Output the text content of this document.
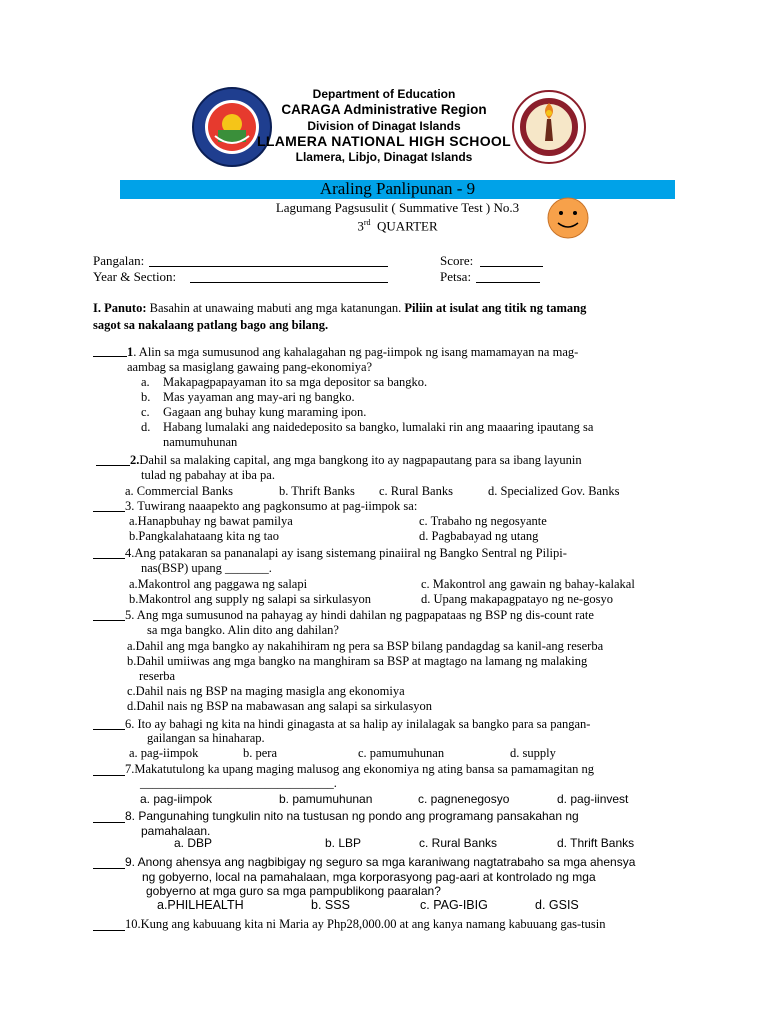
Department of Education
CARAGA Administrative Region
Division of Dinagat Islands
LLAMERA NATIONAL HIGH SCHOOL
Llamera, Libjo, Dinagat Islands
Araling Panlipunan - 9
Lagumang Pagsusulit ( Summative Test ) No.3
3rd QUARTER
Pangalan:	Score:
Year & Section:	Petsa:
I. Panuto: Basahin at unawaing mabuti ang mga katanungan. Piliin at isulat ang titik ng tamang
sagot sa nakalaang patlang bago ang bilang.
1. Alin sa mga sumusunod ang kahalagahan ng pag-iimpok ng isang mamamayan na mag-
aambag sa masiglang gawaing pang-ekonomiya?
a. Makapagpapayaman ito sa mga depositor sa bangko.
b. Mas yayaman ang may-ari ng bangko.
c. Gagaan ang buhay kung maraming ipon.
d. Habang lumalaki ang naidedeposito sa bangko, lumalaki rin ang maaaring ipautang sa
namumuhunan
2.Dahil sa malaking capital, ang mga bangkong ito ay nagpapautang para sa ibang layunin
tulad ng pabahay at iba pa.
a. Commercial Banks	b. Thrift Banks c. Rural Banks	d. Specialized Gov. Banks
3. Tuwirang naaapekto ang pagkonsumo at pag-iimpok sa:
a.Hanapbuhay ng bawat pamilya	c. Trabaho ng negosyante
b.Pangkalahataang kita ng tao	d. Pagbabayad ng utang
4.Ang patakaran sa pananalapi ay isang sistemang pinaiiral ng Bangko Sentral ng Pilipi-
nas(BSP) upang _______.
a.Makontrol ang paggawa ng salapi	c. Makontrol ang gawain ng bahay-kalakal
b.Makontrol ang supply ng salapi sa sirkulasyon	d. Upang makapagpatayo ng ne-gosyo
5. Ang mga sumusunod na pahayag ay hindi dahilan ng pagpapataas ng BSP ng dis-count rate
sa mga bangko. Alin dito ang dahilan?
a.Dahil ang mga bangko ay nakahihiram ng pera sa BSP bilang pandagdag sa kanil-ang reserba
b.Dahil umiiwas ang mga bangko na manghiram sa BSP at magtago na lamang ng malaking
reserba
c.Dahil nais ng BSP na maging masigla ang ekonomiya
d.Dahil nais ng BSP na mabawasan ang salapi sa sirkulasyon
6. Ito ay bahagi ng kita na hindi ginagasta at sa halip ay inilalagak sa bangko para sa pangan-
gailangan sa hinaharap.
a. pag-iimpok	b. pera	c. pamumuhunan	d. supply
7.Makatutulong ka upang maging malusog ang ekonomiya ng ating bansa sa pamamagitan ng
_______________________________.
a. pag-iimpok	b. pamumuhunan	c. pagnenegosyo	d. pag-iinvest
8. Pangunahing tungkulin nito na tustusan ng pondo ang programang pansakahan ng
pamahalaan.
a. DBP	b. LBP	c. Rural Banks	d. Thrift Banks
9. Anong ahensya ang nagbibigay ng seguro sa mga karaniwang nagtatrabaho sa mga ahensya
ng gobyerno, local na pamahalaan, mga korporasyong pag-aari at kontrolado ng mga
gobyerno at mga guro sa mga pampublikong paaralan?
a.PHILHEALTH	b. SSS	c. PAG-IBIG	d. GSIS
10.Kung ang kabuuang kita ni Maria ay Php28,000.00 at ang kanya namang kabuuang gas-tusin
